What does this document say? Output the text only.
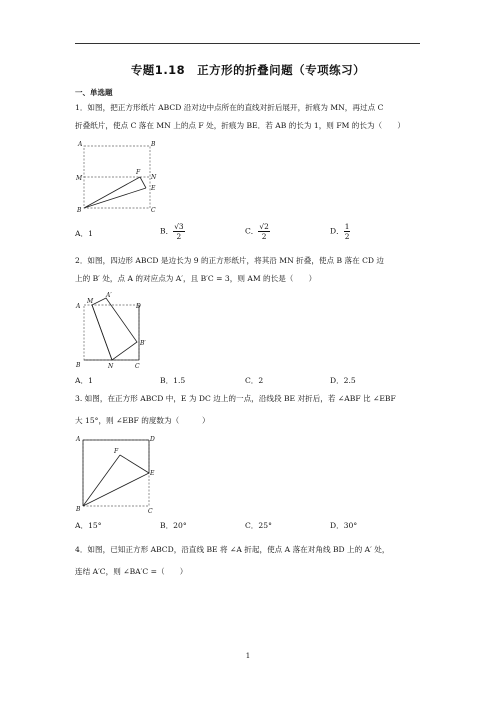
专题1.18　正方形的折叠问题（专项练习）
一、单选题
1．如图，把正方形纸片 ABCD 沿对边中点所在的直线对折后展开，折痕为 MN，再过点 C
折叠纸片，使点 C 落在 MN 上的点 F 处，折痕为 BE．若 AB 的长为 1，则 FM 的长为（　　）
A	B
M
F
N
E
B	C
A．1	B． $\frac{√3}{2}$	C． $\frac{√2}{2}$	D． $\frac{1}{2}$
2．如图，四边形 ABCD 是边长为 9 的正方形纸片，将其沿 MN 折叠，使点 B 落在 CD 边
上的 B′ 处，点 A 的对应点为 A′，且 B′C = 3，则 AM 的长是（　　）
A′
A
M
D
B′
B	N	C
A．1	B．1.5	C．2	D．2.5
3. 如图，在正方形 ABCD 中，E 为 DC 边上的一点，沿线段 BE 对折后，若 ∠ABF 比 ∠EBF
大 15°，则 ∠EBF 的度数为（　　　）
A	D
F
E
B	C
A．15°	B．20°	C．25°	D．30°
4．如图，已知正方形 ABCD，沿直线 BE 将 ∠A 折起，使点 A 落在对角线 BD 上的 A′ 处，
连结 A′C，则 ∠BA′C =（　　）
1
